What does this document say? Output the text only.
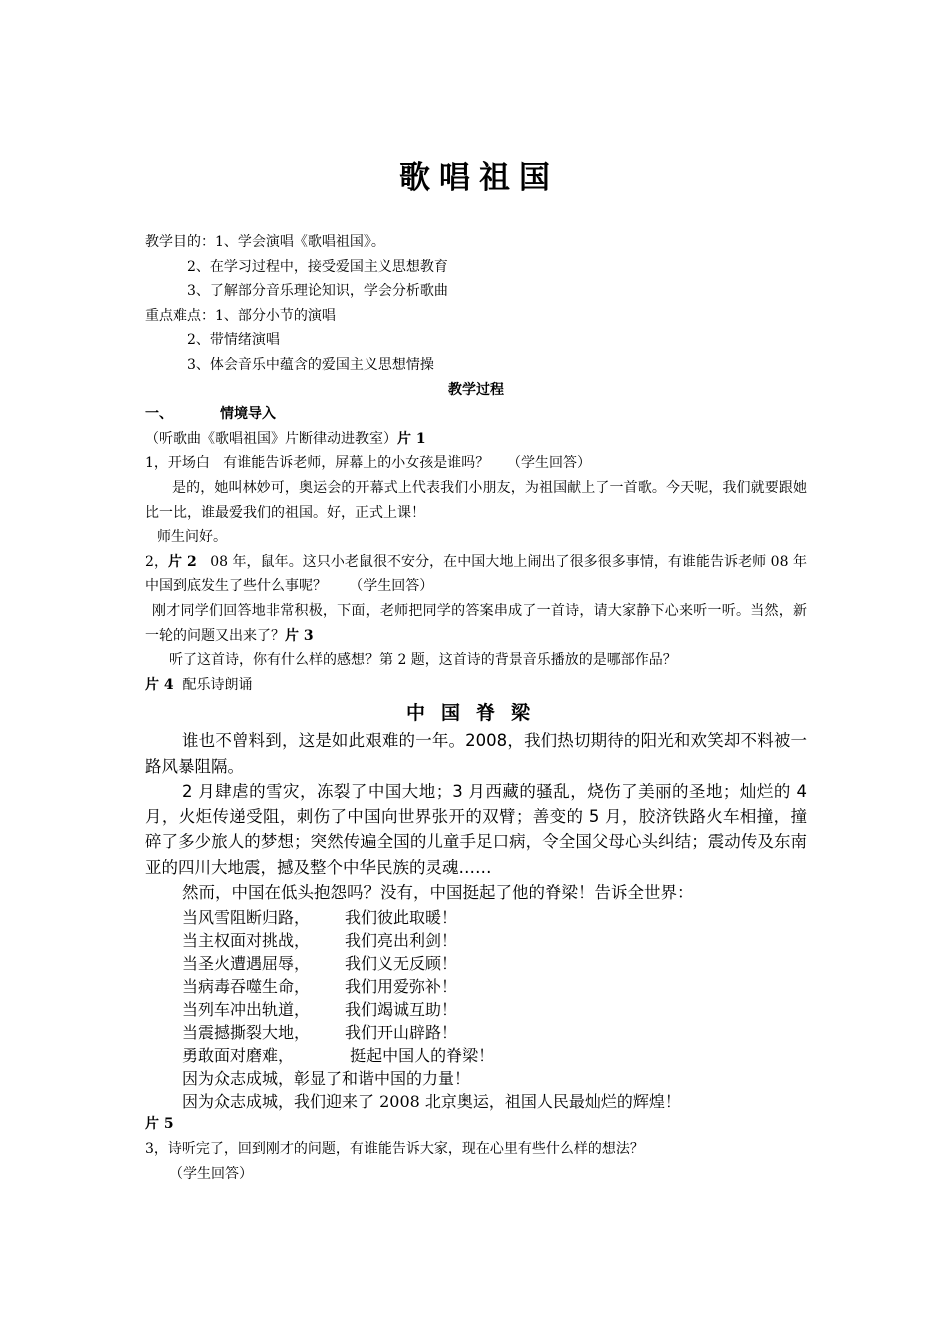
歌唱祖国
教学目的：1、学会演唱《歌唱祖国》。
2、在学习过程中，接受爱国主义思想教育
3、了解部分音乐理论知识，学会分析歌曲
重点难点：1、部分小节的演唱
2、带情绪演唱
3、体会音乐中蕴含的爱国主义思想情操
教学过程
一、	情境导入
（听歌曲《歌唱祖国》片断律动进教室）片 1
1，开场白   有谁能告诉老师，屏幕上的小女孩是谁吗？    （学生回答）
是的，她叫林妙可，奥运会的开幕式上代表我们小朋友，为祖国献上了一首歌。今天呢，我们就要跟她比一比，谁最爱我们的祖国。好，正式上课！
师生问好。
2，片 2   08 年，鼠年。这只小老鼠很不安分，在中国大地上闹出了很多很多事情，有谁能告诉老师 08 年中国到底发生了些什么事呢？     （学生回答）
刚才同学们回答地非常积极，下面，老师把同学的答案串成了一首诗，请大家静下心来听一听。当然，新一轮的问题又出来了？片 3
听了这首诗，你有什么样的感想？第 2 题，这首诗的背景音乐播放的是哪部作品？
片 4  配乐诗朗诵
中国脊梁
谁也不曾料到，这是如此艰难的一年。2008，我们热切期待的阳光和欢笑却不料被一路风暴阻隔。
2 月肆虐的雪灾，冻裂了中国大地；3 月西藏的骚乱，烧伤了美丽的圣地；灿烂的 4 月，火炬传递受阻，刺伤了中国向世界张开的双臂；善变的 5 月，胶济铁路火车相撞，撞碎了多少旅人的梦想；突然传遍全国的儿童手足口病，令全国父母心头纠结；震动传及东南亚的四川大地震，撼及整个中华民族的灵魂……
然而，中国在低头抱怨吗？没有，中国挺起了他的脊梁！告诉全世界：
当风雪阻断归路， 我们彼此取暖！
当主权面对挑战， 我们亮出利剑！
当圣火遭遇屈辱， 我们义无反顾！
当病毒吞噬生命， 我们用爱弥补！
当列车冲出轨道， 我们竭诚互助！
当震撼撕裂大地， 我们开山辟路！
勇敢面对磨难，	挺起中国人的脊梁！
因为众志成城，彰显了和谐中国的力量！
因为众志成城，我们迎来了 2008 北京奥运，祖国人民最灿烂的辉煌！
片 5
3，诗听完了，回到刚才的问题，有谁能告诉大家，现在心里有些什么样的想法？
（学生回答）
